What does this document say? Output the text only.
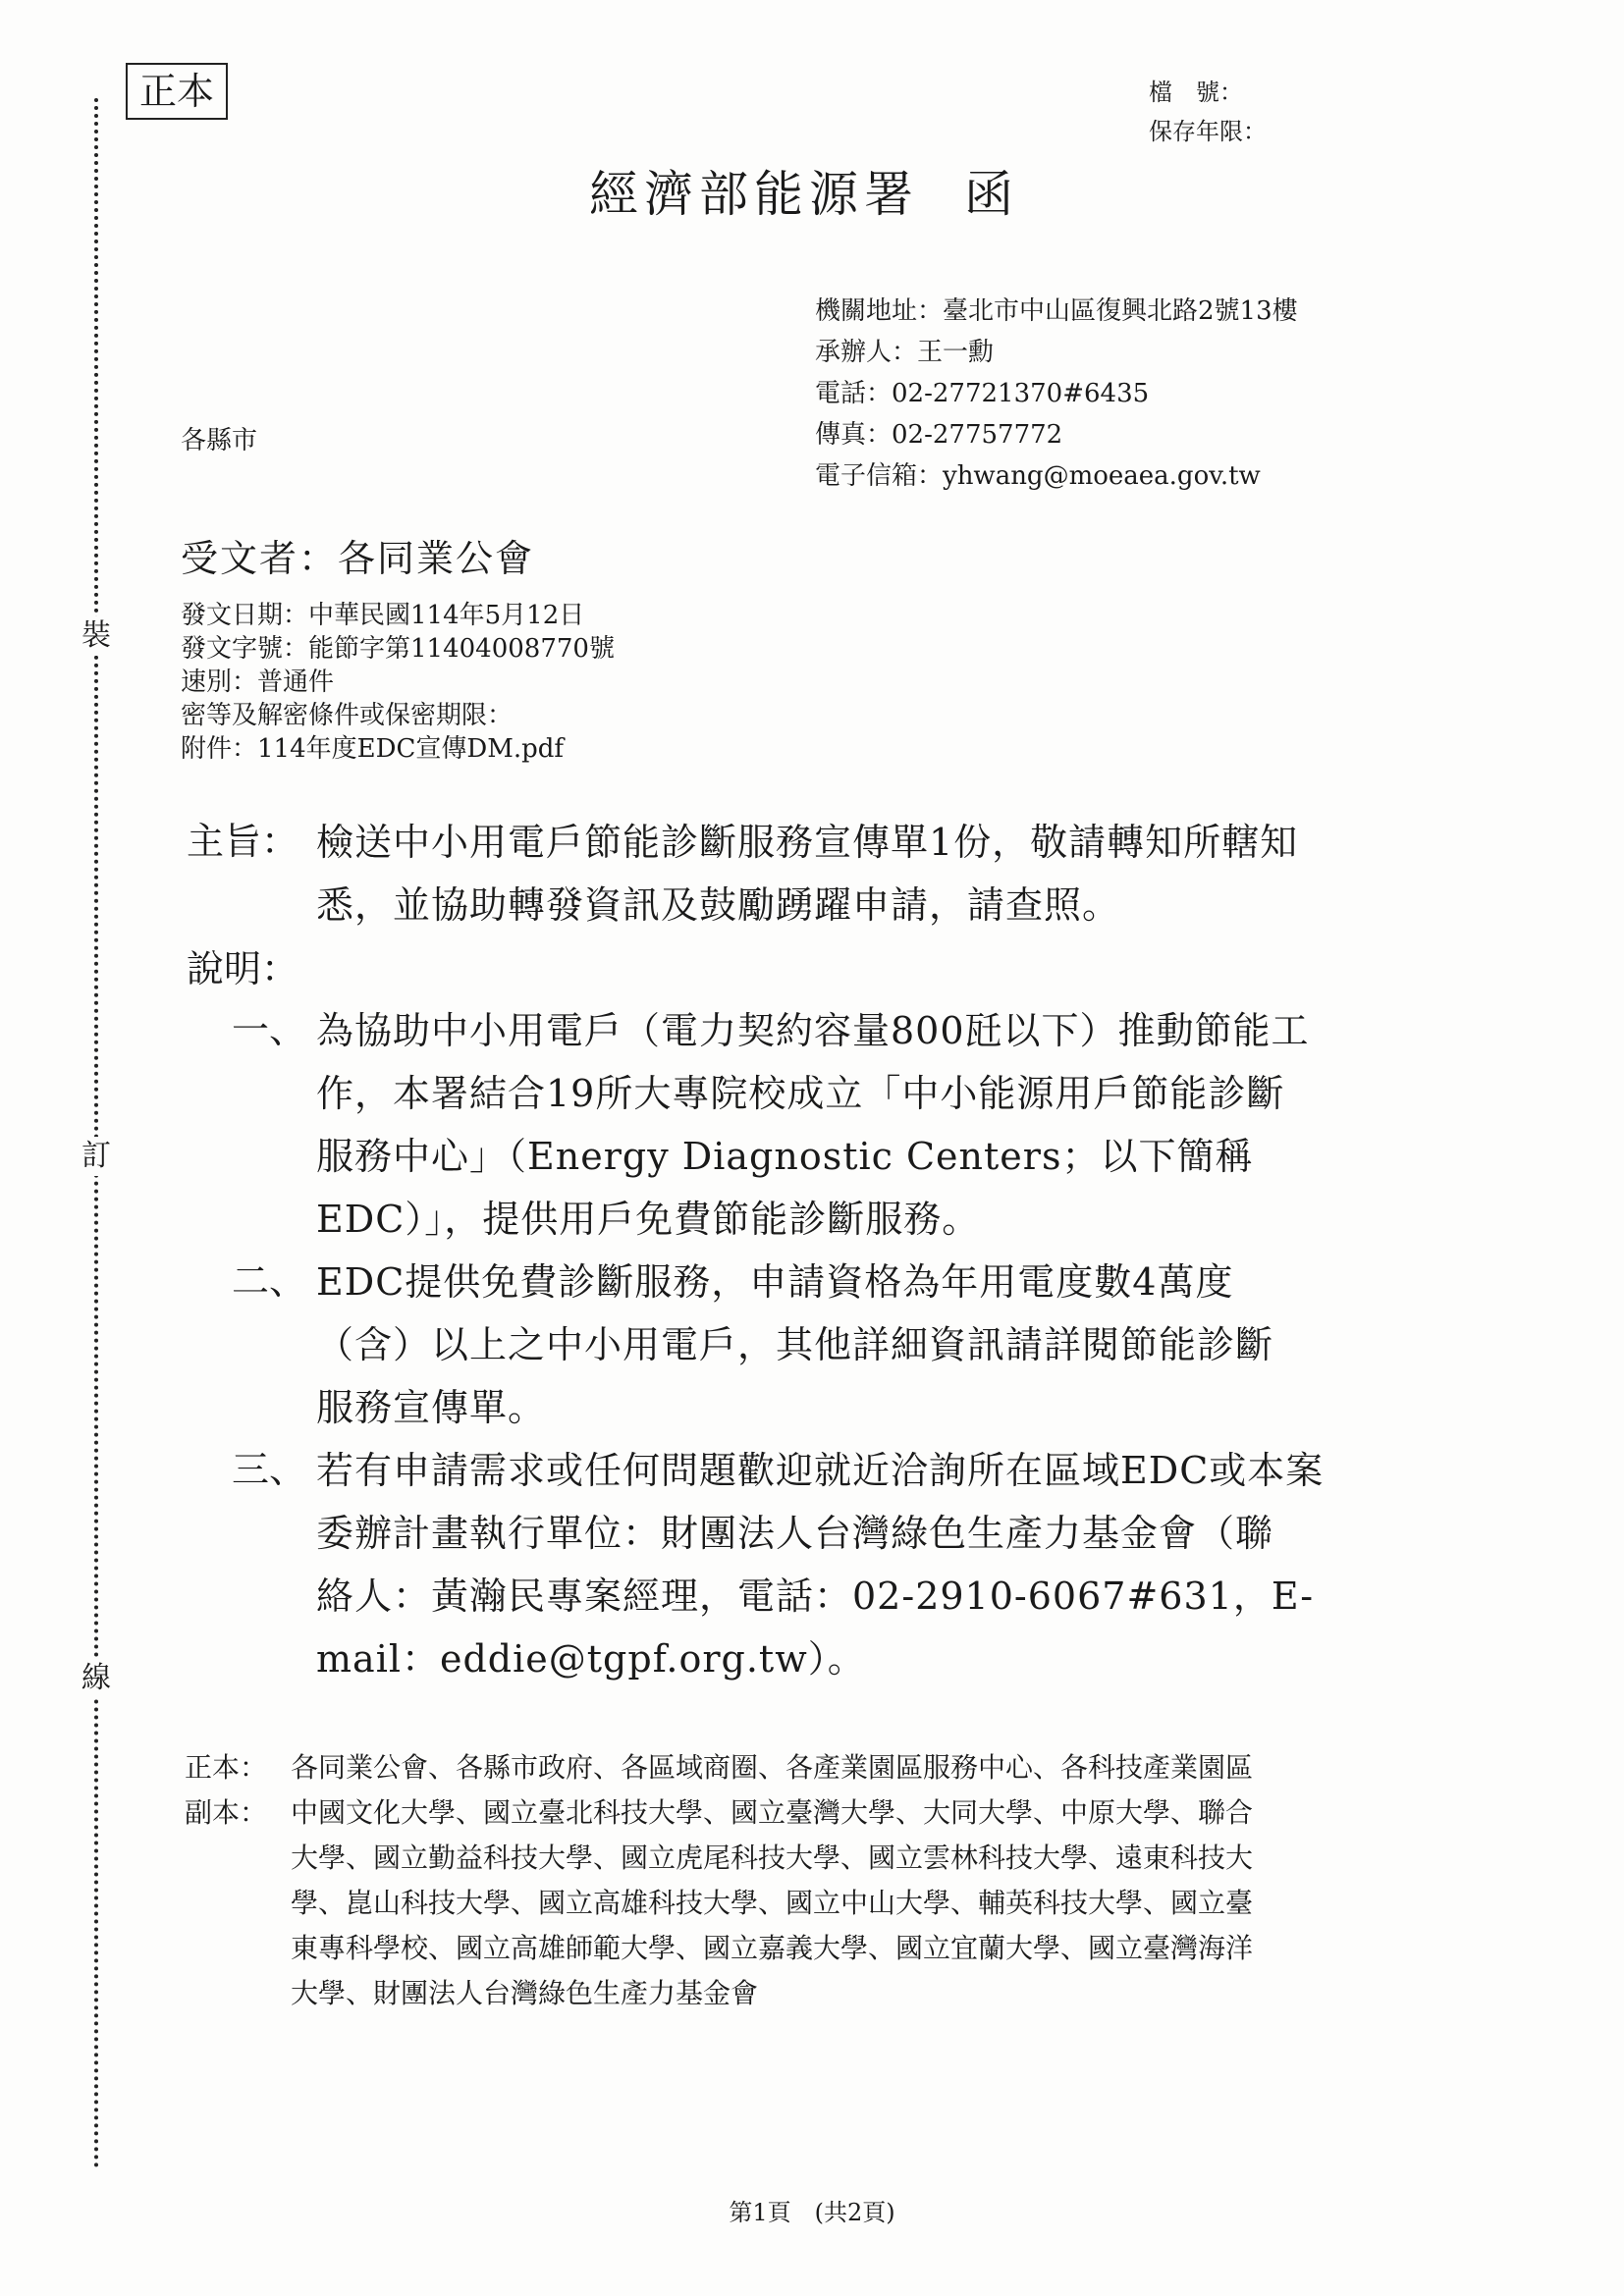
裝
訂
線
正本	檔　號：
保存年限：
經濟部能源署 函
機關地址：臺北市中山區復興北路2號13樓
承辦人：王一勳
電話：02-27721370#6435
傳真：02-27757772
電子信箱：yhwang@moeaea.gov.tw
各縣市
受文者：各同業公會
發文日期：中華民國114年5月12日
發文字號：能節字第11404008770號
速別：普通件
密等及解密條件或保密期限：
附件：114年度EDC宣傳DM.pdf
主旨： 檢送中小用電戶節能診斷服務宣傳單1份，敬請轉知所轄知
悉，並協助轉發資訊及鼓勵踴躍申請，請查照。
說明：
一、 為協助中小用電戶（電力契約容量800瓩以下）推動節能工
作，本署結合19所大專院校成立「中小能源用戶節能診斷
服務中心」（Energy Diagnostic Centers；以下簡稱
EDC）」，提供用戶免費節能診斷服務。
二、 EDC提供免費診斷服務，申請資格為年用電度數4萬度
（含）以上之中小用電戶，其他詳細資訊請詳閱節能診斷
服務宣傳單。
三、 若有申請需求或任何問題歡迎就近洽詢所在區域EDC或本案
委辦計畫執行單位：財團法人台灣綠色生產力基金會（聯
絡人：黃瀚民專案經理，電話：02-2910-6067#631，E-
mail：eddie@tgpf.org.tw）。
正本： 各同業公會、各縣市政府、各區域商圈、各產業園區服務中心、各科技產業園區
副本： 中國文化大學、國立臺北科技大學、國立臺灣大學、大同大學、中原大學、聯合
大學、國立勤益科技大學、國立虎尾科技大學、國立雲林科技大學、遠東科技大
學、崑山科技大學、國立高雄科技大學、國立中山大學、輔英科技大學、國立臺
東專科學校、國立高雄師範大學、國立嘉義大學、國立宜蘭大學、國立臺灣海洋
大學、財團法人台灣綠色生產力基金會
第1頁　(共2頁)
